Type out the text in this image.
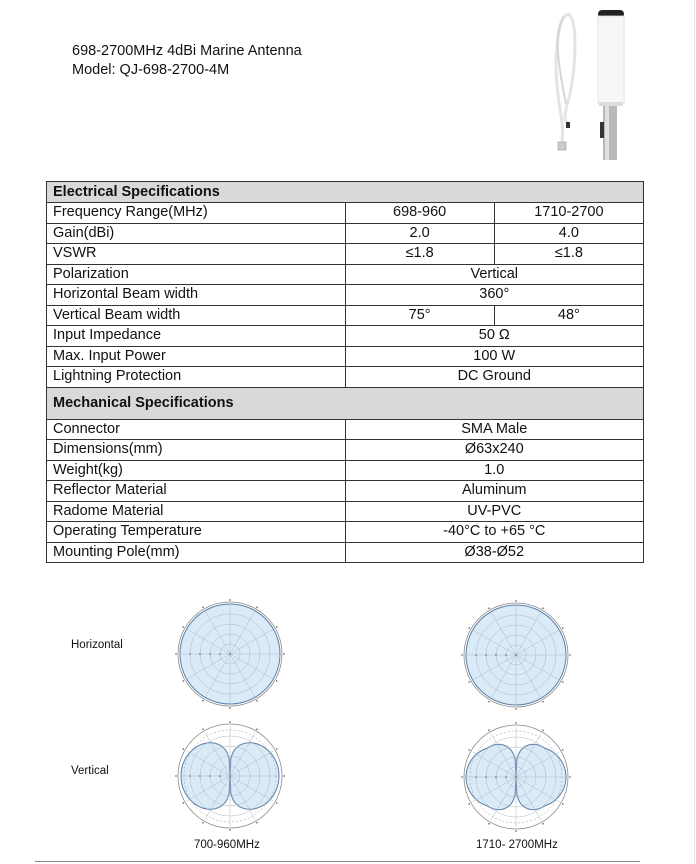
698-2700MHz 4dBi Marine Antenna
Model: QJ-698-2700-4M
Electrical Specifications		
Frequency Range(MHz)	698-960	1710-2700
Gain(dBi)	2.0	4.0
VSWR	≤1.8	≤1.8
Polarization	Vertical	
Horizontal Beam width	360°	
Vertical Beam width	75°	48°
Input Impedance	50 Ω	
Max. Input Power	100 W	
Lightning Protection	DC Ground	
Mechanical Specifications		
Connector	SMA Male	
Dimensions(mm)	Ø63x240	
Weight(kg)	1.0	
Reflector Material	Aluminum	
Radome Material	UV-PVC	
Operating Temperature	-40°C to +65 °C	
Mounting Pole(mm)	Ø38-Ø52	
Horizontal
Vertical
700-960MHz	1710- 2700MHz
